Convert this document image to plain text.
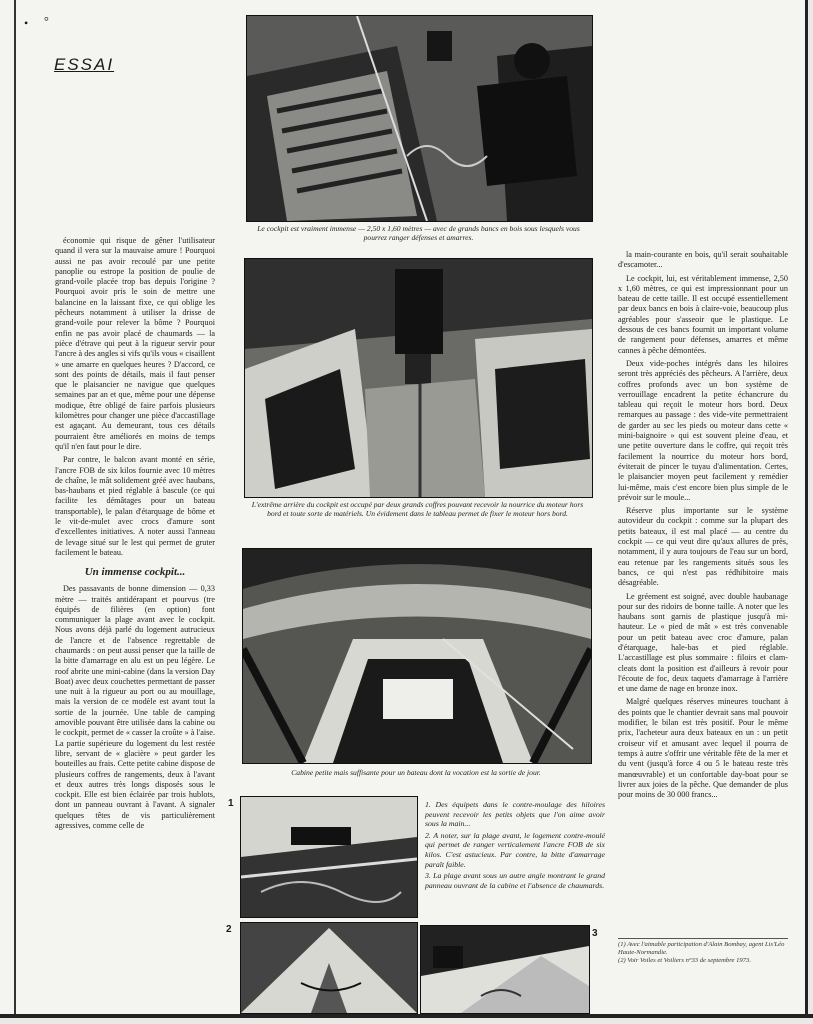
• °
ESSAI
Le cockpit est vraiment immense — 2,50 x 1,60 mètres — avec de grands bancs en bois sous lesquels vous pourrez ranger défenses et amarres.
L'extrême arrière du cockpit est occupé par deux grands coffres pouvant recevoir la nourrice du moteur hors bord et toute sorte de matériels. Un évidement dans le tableau permet de fixer le moteur hors bord.
Cabine petite mais suffisante pour un bateau dont la vocation est la sortie de jour.
1
2	3

1. Des équipets dans le contre-moulage des hiloires peuvent recevoir les petits objets que l'on aime avoir sous la main...

2. A noter, sur la plage avant, le logement contre-moulé qui permet de ranger verticalement l'ancre FOB de six kilos. C'est astucieux. Par contre, la bitte d'amarrage paraît faible.

3. La plage avant sous un autre angle montrant le grand panneau ouvrant de la cabine et l'absence de chaumards.

économie qui risque de gêner l'utilisateur quand il vera sur la mauvaise amure ! Pourquoi aussi ne pas avoir recoulé par une petite panoplie ou estrope la position de poulie de grand-voile placée trop bas depuis l'origine ? Pourquoi avoir pris le soin de mettre une balancine en la laissant fixe, ce qui oblige les pêcheurs notamment à utiliser la drisse de grand-voile pour relever la bôme ? Pourquoi enfin ne pas avoir placé de chaumards — la pièce d'étrave qui peut à la rigueur servir pour l'ancre à des angles si vifs qu'ils vous « cisaillent » une amarre en quelques heures ? D'accord, ce sont des points de détails, mais il faut penser que le plaisancier ne navigue que quelques semaines par an et que, même pour une dépense modique, être obligé de faire parfois plusieurs kilomètres pour changer une pièce d'accastillage est agaçant. Au demeurant, tous ces détails pourraient être améliorés en moins de temps qu'il n'en faut pour le dire.

Par contre, le balcon avant monté en série, l'ancre FOB de six kilos fournie avec 10 mètres de chaîne, le mât solidement gréé avec haubans, bas-haubans et pied réglable à bascule (ce qui facilite les démâtages pour un bateau transportable), le palan d'étarquage de bôme et le vit-de-mulet avec crocs d'amure sont d'excellentes initiatives. A noter aussi l'anneau de levage situé sur le lest qui permet de gruter facilement le bateau.

Un immense cockpit...

Des passavants de bonne dimension — 0,33 mètre — traités antidérapant et pourvus (tre équipés de filières (en option) font communiquer la plage avant avec le cockpit. Nous avons déjà parlé du logement autrucieux de l'ancre et de l'absence regrettable de chaumards : on peut aussi penser que la taille de la bitte d'amarrage en alu est un peu légère. Le roof abrite une mini-cabine (dans la version Day Boat) avec deux couchettes permettant de passer une nuit à la rigueur au port ou au mouillage, mais la version de ce modèle est avant tout la sortie de la journée. Une table de camping amovible pouvant être utilisée dans la cabine ou le cockpit, permet de « casser la croûte » à l'aise. La partie supérieure du logement du lest restée libre, servant de « glacière » peut garder les bouteilles au frais. Cette petite cabine dispose de plusieurs coffres de rangements, deux à l'avant et deux autres très longs disposés sous le cockpit. Elle est bien éclairée par trois hublots, dont un panneau ouvrant à l'avant. A signaler quelques têtes de vis particulièrement agressives, comme celle de

la main-courante en bois, qu'il serait souhaitable d'escamoter...

Le cockpit, lui, est véritablement immense, 2,50 x 1,60 mètres, ce qui est impressionnant pour un bateau de cette taille. Il est occupé essentiellement par deux bancs en bois à claire-voie, beaucoup plus agréables pour s'asseoir que le plastique. Le dessous de ces bancs fournit un important volume de rangement pour défenses, amarres et même cannes à pêche démontées.

Deux vide-poches intégrés dans les hiloires seront très appréciés des pêcheurs. A l'arrière, deux coffres profonds avec un bon système de verrouillage encadrent la petite échancrure du tableau qui reçoit le moteur hors bord. Deux remarques au passage : des vide-vite permettraient de garder au sec les pieds ou moteur dans cette « mini-baignoire » qui est souvent pleine d'eau, et une petite ouverture dans le coffre, qui reçoit très facilement la nourrice du moteur hors bord, éviterait de pincer le tuyau d'alimentation. Certes, le plaisancier moyen peut facilement y remédier lui-même, mais c'est encore bien plus simple de le prévoir sur le moule...

Réserve plus importante sur le système autovideur du cockpit : comme sur la plupart des petits bateaux, il est mal placé — au centre du cockpit — ce qui veut dire qu'aux allures de près, notamment, il y aura toujours de l'eau sur un bord, eau retenue par les rangements situés sous les bancs, ce qui n'est pas rédhibitoire mais désagréable.

Le gréement est soigné, avec double haubanage pour sur des ridoirs de bonne taille. A noter que les haubans sont garnis de plastique jusqu'à mi-hauteur. Le « pied de mât » est très convenable pour un petit bateau avec croc d'amure, palan d'étarquage, hale-bas et pied réglable. L'accastillage est plus sommaire : filoirs et clam-cleats dont la position est d'ailleurs à revoir pour l'écoute de foc, deux taquets d'amarrage à l'arrière et une dame de nage en bronze inox.

Malgré quelques réserves mineures touchant à des points que le chantier devrait sans mal pouvoir modifier, le bilan est très positif. Pour le même prix, l'acheteur aura deux bateaux en un : un petit croiseur vif et amusant avec lequel il pourra de temps à autre s'offrir une véritable fête de la mer et du vent (jusqu'à force 4 ou 5 le bateau reste très manœuvrable) et un confortable day-boat pour se livrer aux joies de la pêche. Que demander de plus pour moins de 30 000 francs...

(1) Avec l'aimable participation d'Alain Bombay, agent Lis'Léo Haute-Normandie.
(2) Voir Voiles et Voiliers n°33 de septembre 1973.
